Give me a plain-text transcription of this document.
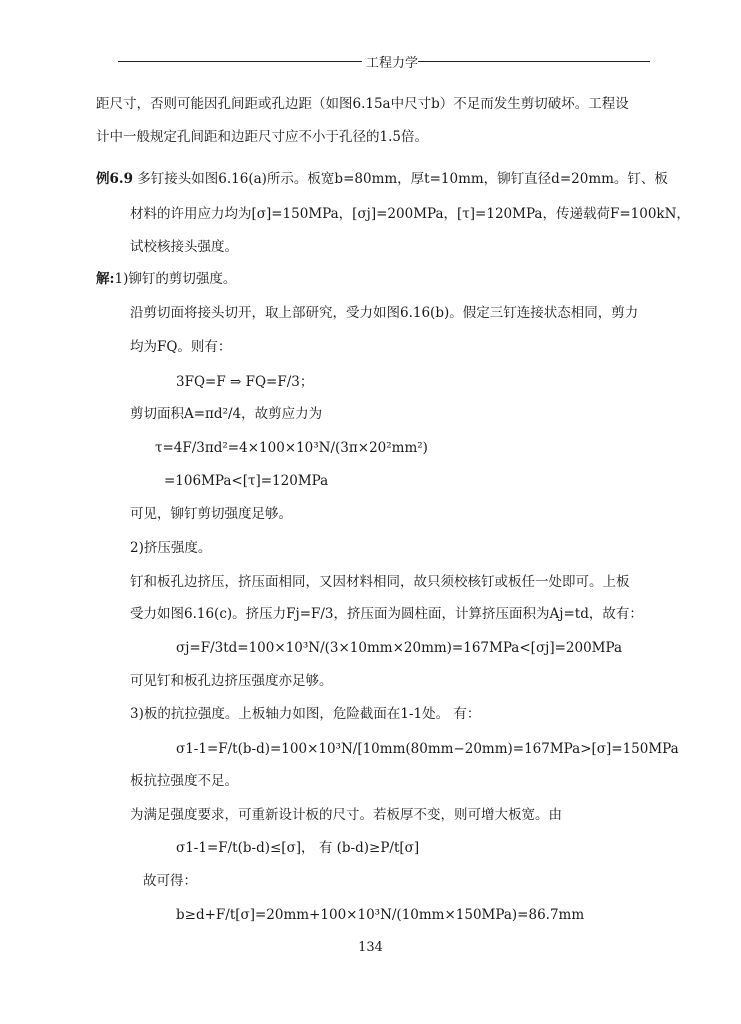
工程力学
距尺寸，否则可能因孔间距或孔边距（如图6.15a中尺寸b）不足而发生剪切破坏。工程设
计中一般规定孔间距和边距尺寸应不小于孔径的1.5倍。
例6.9 多钉接头如图6.16(a)所示。板宽b=80mm，厚t=10mm，铆钉直径d=20mm。钉、板
材料的许用应力均为[σ]=150MPa，[σj]=200MPa，[τ]=120MPa，传递载荷F=100kN，
试校核接头强度。
解:1)铆钉的剪切强度。
沿剪切面将接头切开，取上部研究，受力如图6.16(b)。假定三钉连接状态相同，剪力
均为FQ。则有：
3FQ=F ⇒ FQ=F/3；
剪切面积A=πd²/4，故剪应力为
τ=4F/3πd²=4×100×10³N/(3π×20²mm²)
=106MPa<[τ]=120MPa
可见，铆钉剪切强度足够。
2)挤压强度。
钉和板孔边挤压，挤压面相同，又因材料相同，故只须校核钉或板任一处即可。上板
受力如图6.16(c)。挤压力Fj=F/3，挤压面为圆柱面，计算挤压面积为Aj=td，故有：
σj=F/3td=100×10³N/(3×10mm×20mm)=167MPa<[σj]=200MPa
可见钉和板孔边挤压强度亦足够。
3)板的抗拉强度。上板轴力如图，危险截面在1-1处。 有：
σ1-1=F/t(b-d)=100×10³N/[10mm(80mm−20mm)=167MPa>[σ]=150MPa
板抗拉强度不足。
为满足强度要求，可重新设计板的尺寸。若板厚不变，则可增大板宽。由
σ1-1=F/t(b-d)≤[σ]， 有 (b-d)≥P/t[σ]
故可得：
b≥d+F/t[σ]=20mm+100×10³N/(10mm×150MPa)=86.7mm
134
